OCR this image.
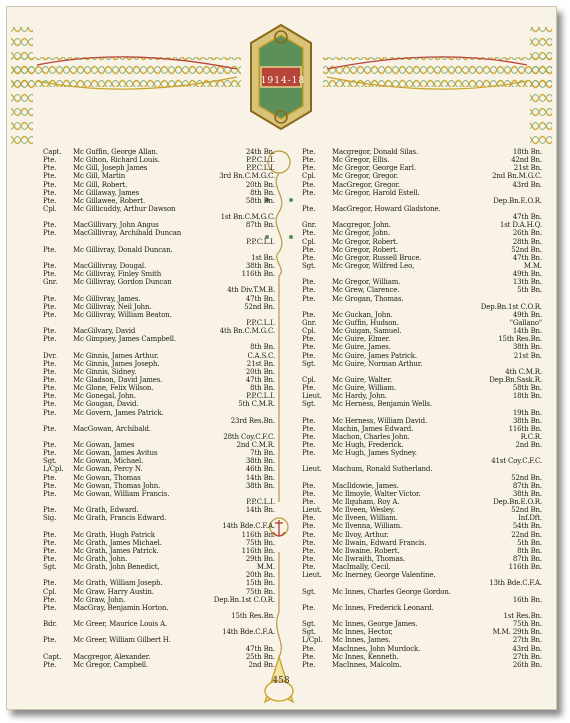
1914-18
Capt. Mc Guffin, George Allan.	24th Bn.
Pte. Mc Gihon, Richard Louis.	P.P.C.L.I.
Pte. Mc Gill, Joseph James	P.P.C.L.I.
Pte. Mc Gill, Martin	3rd Bn.C.M.G.C.
Pte. Mc Gill, Robert.	20th Bn.
Pte. Mc Gillaway, James	8th Bn.
Pte. Mc Gillawee, Robert.	58th Bn.
Cpl. Mc Gillicuddy, Arthur Dawson
1st Bn.C.M.G.C.
Pte. MacGillivary, John Angus	87th Bn.
Pte. MacGillivray, Archibald Duncan
P.P.C.L.I.
Pte. Mc Gillivray, Donald Duncan.
1st Bn.
Pte. MacGillivray, Dougal.	38th Bn.
Pte. Mc Gillivray, Finley Smith	116th Bn.
Gnr. Mc Gillivray, Gordon Duncan
4th Div.T.M.B.
Pte. Mc Gillivray, James.	47th Bn.
Pte. Mc Gillivray, Neil John.	52nd Bn.
Pte. Mc Gillivray, William Beaton.
P.P.C.L.I.
Pte. MacGilvary, David	4th Bn.C.M.G.C.
Pte. Mc Gimpsey, James Campbell.
8th Bn.
Dvr. Mc Ginnis, James Arthur.	C.A.S.C.
Pte. Mc Ginnis, James Joseph.	21st Bn.
Pte. Mc Ginnis, Sidney.	20th Bn.
Pte. Mc Gladson, David James.	47th Bn.
Pte. Mc Glone, Felix Wilson.	8th Bn.
Pte. Mc Gonegal, John.	P.P.C.L.I.
Pte. Mc Gougan, David.	5th C.M.R.
Pte. Mc Govern, James Patrick.
23rd Res.Bn.
Pte. MacGowan, Archibald.
28th Coy.C.F.C.
Pte. Mc Gowan, James	2nd C.M.R.
Pte. Mc Gowan, James Avitus	7th Bn.
Sgt. Mc Gowan, Michael.	38th Bn.
L/Cpl. Mc Gowan, Percy N.	46th Bn.
Pte. Mc Gowan, Thomas	14th Bn.
Pte. Mc Gowan, Thomas John.	38th Bn.
Pte. Mc Gowan, William Francis.
P.P.C.L.I.
Pte. Mc Grath, Edward.	14th Bn.
Sig. Mc Grath, Francis Edward.
14th Bde.C.F.A.
Pte. Mc Grath, Hugh Patrick	116th Bn.
Pte. Mc Grath, James Michael.	75th Bn.
Pte. Mc Grath, James Patrick.	116th Bn.
Pte. Mc Grath, John.	29th Bn.
Sgt. Mc Grath, John Benedict,	M.M.
20th Bn.
Pte. Mc Grath, William Joseph.	15th Bn.
Cpl. Mc Graw, Harry Austin.	75th Bn.
Pte. Mc Graw, John.	Dep.Bn.1st C.O.R.
Pte. MacGray, Benjamin Horton.
15th Res.Bn.
Bdr. Mc Greer, Maurice Louis A.
14th Bde.C.F.A.
Pte. Mc Greer, William Gilbert H.
47th Bn.
Capt. Macgregor, Alexander.	25th Bn.
Pte. Mc Gregor, Campbell.	2nd Bn.
Pte. Macgregor, Donald Silas.	18th Bn.
Pte. Mc Gregor, Ellis.	42nd Bn.
Pte. Mc Gregor, George Earl.	21st Bn.
Cpl. Mc Gregor, Gregor.	2nd Bn.M.G.C.
Pte. MacGregor, Gregor.	43rd Bn.
Pte. Mc Gregor, Harold Estell.
Dep.Bn.E.O.R.
Pte. MacGregor, Howard Gladstone.
47th Bn.
Gnr. Macgregor, John.	1st D.A.H.Q.
Pte. Mc Gregor, John.	26th Bn.
Cpl. Mc Gregor, Robert.	28th Bn.
Pte. Mc Gregor, Robert.	52nd Bn.
Pte. Mc Gregor, Russell Bruce.	47th Bn.
Sgt. Mc Gregor, Wilfred Leo,	M.M.
49th Bn.
Pte. Mc Gregor, William.	13th Bn.
Pte. Mc Grew, Clarence.	5th Bn.
Pte. Mc Grogan, Thomas.
Dep.Bn.1st C.O.R.
Pte. Mc Guckan, John.	49th Bn.
Gnr. Mc Guffin, Hudson.	"Gallano"
Cpl. Mc Guigan, Samuel.	14th Bn.
Pte. Mc Guire, Elmer.	15th Res.Bn.
Pte. Mc Guire, James.	38th Bn.
Pte. Mc Guire, James Patrick.	21st Bn.
Sgt. Mc Guire, Norman Arthur.
4th C.M.R.
Cpl. Mc Guire, Walter.	Dep.Bn.Sask.R.
Pte. Mc Guire, William.	58th Bn.
Lieut. Mc Hardy, John.	18th Bn.
Sgt. Mc Herness, Benjamin Wells.
19th Bn.
Pte. Mc Herness, William David.	38th Bn.
Pte. Machin, James Edward.	116th Bn.
Pte. Machon, Charles John.	R.C.R.
Pte. Mc Hugh, Frederick.	2nd Bn.
Pte. Mc Hugh, James Sydney.
41st Coy.C.F.C.
Lieut. Machum, Ronald Sutherland.
52nd Bn.
Pte. MacIldowie, James.	87th Bn.
Pte. Mc Ilmoyle, Walter Victor.	38th Bn.
Pte. Mc Ilquham, Roy A.	Dep.Bn.E.O.R.
Lieut. Mc Ilveen, Wesley.	52nd Bn.
Pte. Mc Ilveen, William.	Inf.Dft.
Pte. Mc Ilvenna, William.	54th Bn.
Pte. Mc Ilvoy, Arthur.	22nd Bn.
Pte. Mc Ilwain, Edward Francis.	5th Bn.
Pte. Mc Ilwaine, Robert.	8th Bn.
Pte. Mc Ilwraith, Thomas.	87th Bn.
Pte. MacImally, Cecil.	116th Bn.
Lieut. Mc Inerney, George Valentine.
13th Bde.C.F.A.
Sgt. Mc Innes, Charles George Gordon.
16th Bn.
Pte. Mc Innes, Frederick Leonard.
1st Res.Bn.
Sgt. Mc Innes, George James.	75th Bn.
Sgt. Mc Innes, Hector,	M.M. 29th Bn.
L/Cpl. Mc Innes, James.	27th Bn.
Pte. MacInnes, John Murdock.	43rd Bn.
Pte. Mc Innes, Kenneth.	27th Bn.
Pte. MacInnes, Malcolm.	26th Bn.
458
